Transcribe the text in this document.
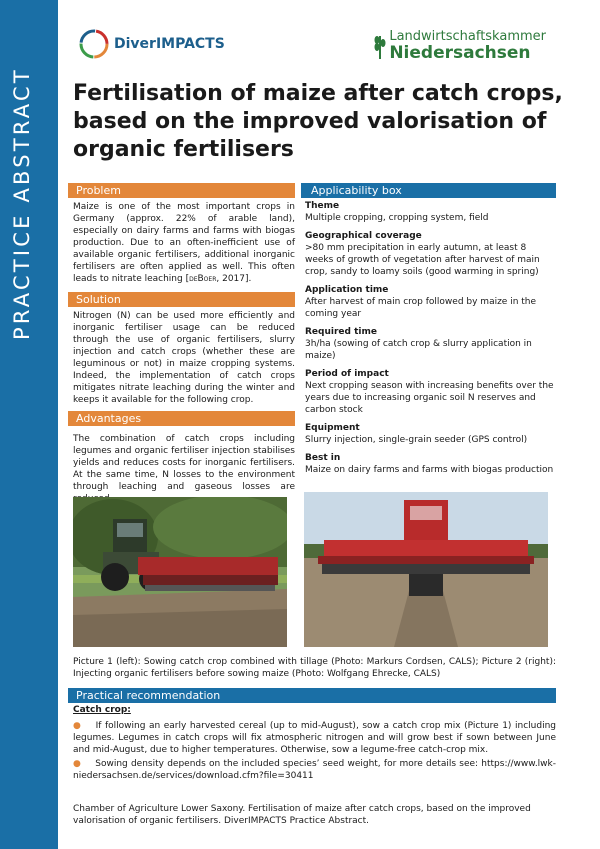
PRACTICE ABSTRACT
DiverIMPACTS	Landwirtschaftskammer
Niedersachsen
Fertilisation of maize after catch crops, based on the improved valorisation of organic fertilisers
Problem
Maize is one of the most important crops in Germany (approx. 22% of arable land), especially on dairy farms and farms with biogas production. Due to an often-inefficient use of available organic fertilisers, additional inorganic fertilisers are often applied as well. This often leads to nitrate leaching [deBoer, 2017].
Solution
Nitrogen (N) can be used more efficiently and inorganic fertiliser usage can be reduced through the use of organic fertilisers, slurry injection and catch crops (whether these are leguminous or not) in maize cropping systems. Indeed, the implementation of catch crops mitigates nitrate leaching during the winter and keeps it available for the following crop.
Advantages
The combination of catch crops including legumes and organic fertiliser injection stabilises yields and reduces costs for inorganic fertilisers. At the same time, N losses to the environment through leaching and gaseous losses are
Applicability box
Theme
Multiple cropping, cropping system, field
Geographical coverage
>80 mm precipitation in early autumn, at least 8 weeks of growth of vegetation after harvest of main crop, sandy to loamy soils (good warming in spring)
Application time
After harvest of main crop followed by maize in the coming year
Required time
3h/ha (sowing of catch crop & slurry application in maize)
Period of impact
Next cropping season with increasing benefits over the years due to increasing organic soil N reserves and carbon stock
Equipment
Slurry injection, single-grain seeder (GPS control)
Best in
Maize on dairy farms and farms with biogas production
Picture 1 (left): Sowing catch crop combined with tillage (Photo: Markurs Cordsen, CALS); Picture 2 (right): Injecting organic fertilisers before sowing maize (Photo: Wolfgang Ehrecke, CALS)
Practical recommendation
Catch crop:
● If following an early harvested cereal (up to mid-August), sow a catch crop mix (Picture 1) including legumes. Legumes in catch crops will fix atmospheric nitrogen and will grow best if sown between June and mid-August, due to higher temperatures. Otherwise, sow a legume-free catch-crop mix.
● Sowing density depends on the included species’ seed weight, for more details see: https://www.lwk-niedersachsen.de/services/download.cfm?file=30411
Chamber of Agriculture Lower Saxony. Fertilisation of maize after catch crops, based on the improved valorisation of organic fertilisers. DiverIMPACTS Practice Abstract.
